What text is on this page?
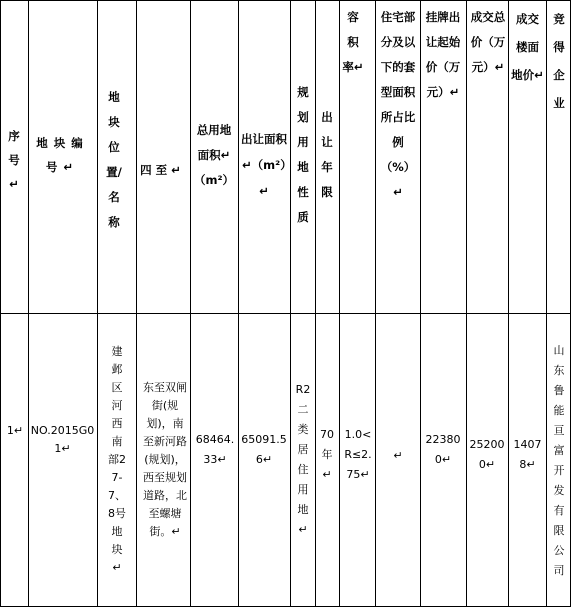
序号↵
地块编号↵
地块位置/名称
四至↵
总用地面积↵（m²）
出让面积↵（m²）↵
规划用地性质
出让年限
容积率↵
住宅部分及以下的套型面积所占比例（%）↵
挂牌出让起始价（万元）↵
成交总价（万元）↵
成交楼面地价↵
竞得企业
1↵ NO.2015G01↵
建邺区河西南部27-7、8号地块↵
东至双闸街(规划)，南至新河路(规划)，西至规划道路，北至螺塘街。↵
68464.33↵
65091.56↵
R2二类居住用地↵
70年↵
1.0<R≤2.75↵
↵
223800↵
252000↵
14078↵
山东鲁能亘富开发有限公司
